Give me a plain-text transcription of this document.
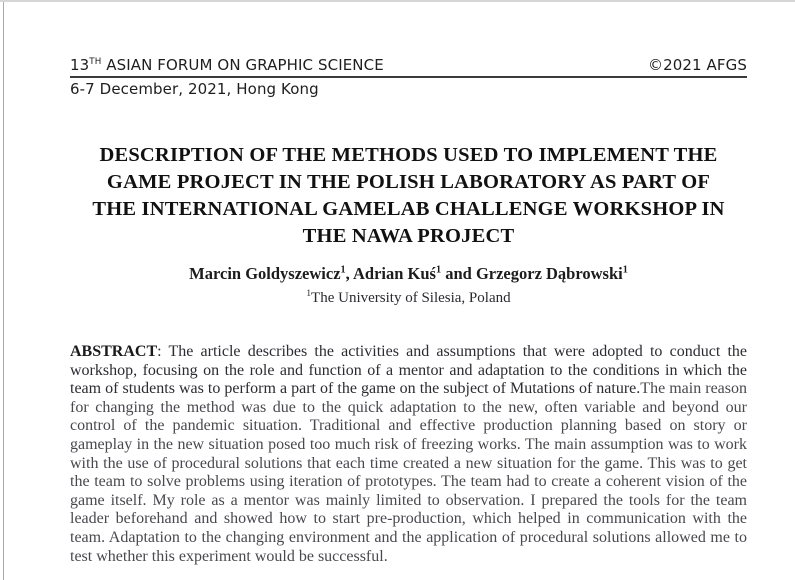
13TH ASIAN FORUM ON GRAPHIC SCIENCE	©2021 AFGS
6-7 December, 2021, Hong Kong
DESCRIPTION OF THE METHODS USED TO IMPLEMENT THE
GAME PROJECT IN THE POLISH LABORATORY AS PART OF
THE INTERNATIONAL GAMELAB CHALLENGE WORKSHOP IN
THE NAWA PROJECT
Marcin Goldyszewicz$^1$, Adrian Kuś$^1$ and Grzegorz Dąbrowski$^1$
$^1$The University of Silesia, Poland

ABSTRACT: The article describes the activities and assumptions that were adopted to conduct the workshop, focusing on the role and function of a mentor and adaptation to the conditions in which the team of students was to perform a part of the game on the subject of Mutations of nature.The main reason for changing the method was due to the quick adaptation to the new, often variable and beyond our control of the pandemic situation. Traditional and effective production planning based on story or gameplay in the new situation posed too much risk of freezing works. The main assumption was to work with the use of procedural solutions that each time created a new situation for the game. This was to get the team to solve problems using iteration of prototypes. The team had to create a coherent vision of the game itself. My role as a mentor was mainly limited to observation. I prepared the tools for the team leader beforehand and showed how to start pre-production, which helped in communication with the team. Adaptation to the changing environment and the application of procedural solutions allowed me to test whether this experiment would be successful.
